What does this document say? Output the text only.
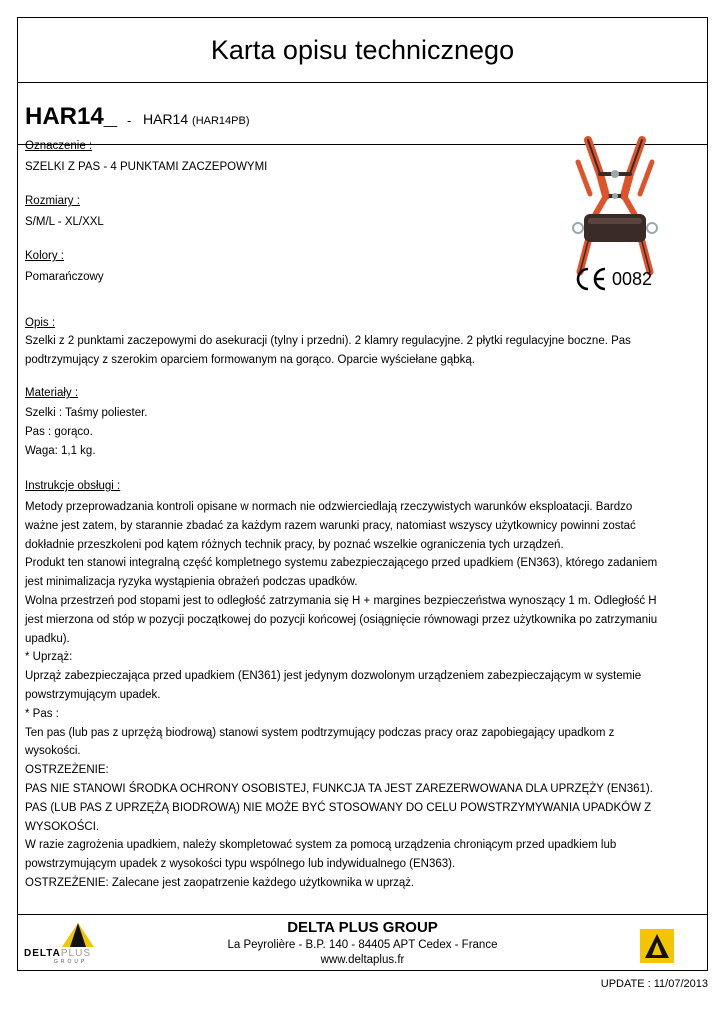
Karta opisu technicznego
HAR14_ - HAR14 (HAR14PB)
Oznaczenie :
SZELKI Z PAS - 4 PUNKTAMI ZACZEPOWYMI
Rozmiary :
S/M/L - XL/XXL
Kolory :
Pomarańczowy	0082
Opis :
Szelki z 2 punktami zaczepowymi do asekuracji (tylny i przedni). 2 klamry regulacyjne. 2 płytki regulacyjne boczne. Pas
podtrzymujący z szerokim oparciem formowanym na gorąco. Oparcie wyściełane gąbką.
Materiały :
Szelki : Taśmy poliester.
Pas : gorąco.
Waga: 1,1 kg.
Instrukcje obsługi :
Metody przeprowadzania kontroli opisane w normach nie odzwierciedlają rzeczywistych warunków eksploatacji. Bardzo
ważne jest zatem, by starannie zbadać za każdym razem warunki pracy, natomiast wszyscy użytkownicy powinni zostać
dokładnie przeszkoleni pod kątem różnych technik pracy, by poznać wszelkie ograniczenia tych urządzeń.
Produkt ten stanowi integralną część kompletnego systemu zabezpieczającego przed upadkiem (EN363), którego zadaniem
jest minimalizacja ryzyka wystąpienia obrażeń podczas upadków.
Wolna przestrzeń pod stopami jest to odległość zatrzymania się H + margines bezpieczeństwa wynoszący 1 m. Odległość H
jest mierzona od stóp w pozycji początkowej do pozycji końcowej (osiągnięcie równowagi przez użytkownika po zatrzymaniu
upadku).
* Uprząż:
Uprząż zabezpieczająca przed upadkiem (EN361) jest jedynym dozwolonym urządzeniem zabezpieczającym w systemie
powstrzymującym upadek.
* Pas :
Ten pas (lub pas z uprzężą biodrową) stanowi system podtrzymujący podczas pracy oraz zapobiegający upadkom z
wysokości.
OSTRZEŻENIE:
PAS NIE STANOWI ŚRODKA OCHRONY OSOBISTEJ, FUNKCJA TA JEST ZAREZERWOWANA DLA UPRZĘŻY (EN361).
PAS (LUB PAS Z UPRZĘŻĄ BIODROWĄ) NIE MOŻE BYĆ STOSOWANY DO CELU POWSTRZYMYWANIA UPADKÓW Z
WYSOKOŚCI.
W razie zagrożenia upadkiem, należy skompletować system za pomocą urządzenia chroniącym przed upadkiem lub
powstrzymującym upadek z wysokości typu wspólnego lub indywidualnego (EN363).
OSTRZEŻENIE: Zalecane jest zaopatrzenie każdego użytkownika w uprząż.
DELTAPLUS
GROUP
DELTA PLUS GROUP
La Peyrolière - B.P. 140 - 84405 APT Cedex - France
www.deltaplus.fr
UPDATE : 11/07/2013
